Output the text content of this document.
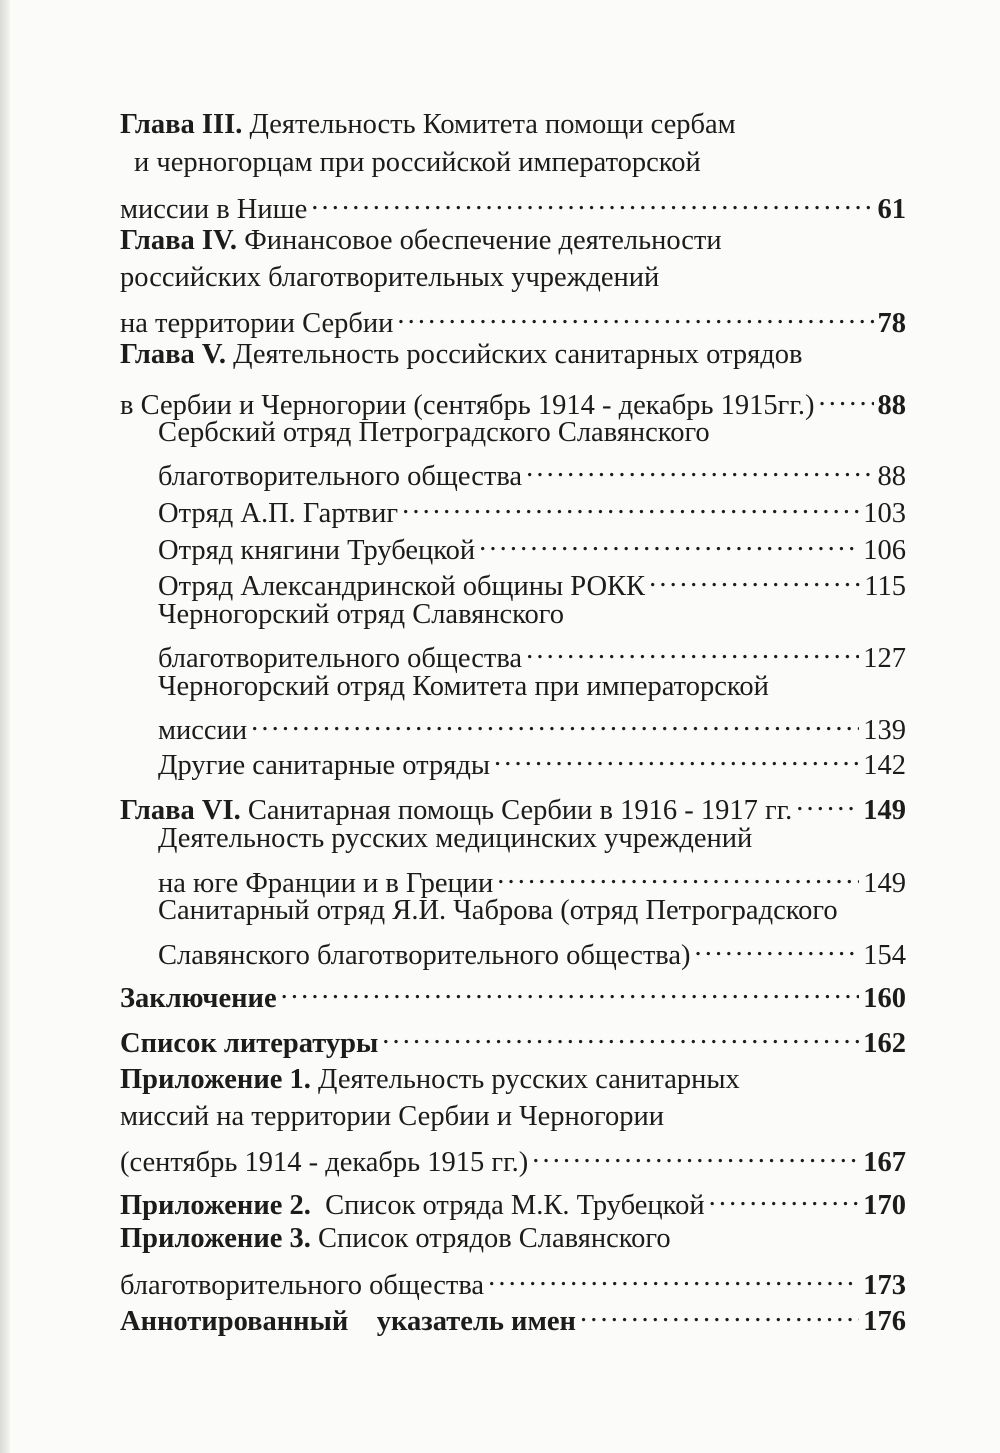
Глава III.
Деятельность Комитета помощи сербам
и черногорцам при российской императорской
миссии в Нише . . .	61
Глава IV.
Финансовое обеспечение деятельности
российских благотворительных учреждений
на территории Сербии . . .	78
Глава V.
Деятельность российских санитарных отрядов
в Сербии и Черногории (сентябрь 1914 - декабрь 1915гг.) . . . 88
Сербский отряд Петроградского Славянского
благотворительного общества . . .	88
Отряд А.П. Гартвиг . . .	103
Отряд княгини Трубецкой . . .	106
Отряд Александринской общины РОКК . . .	115
Черногорский отряд Славянского
благотворительного общества . . .	127
Черногорский отряд Комитета при императорской
миссии . . .	139
Другие санитарные отряды . . .	142
Глава VI.
Санитарная помощь Сербии в 1916 - 1917 гг. . . . 149
Деятельность русских медицинских учреждений
на юге Франции и в Греции . . .	149
Санитарный отряд Я.И. Чаброва (отряд Петроградского
Славянского благотворительного общества) . . .	154
Заключение . . .	160
Список литературы . . .	162
Приложение 1.
Деятельность русских санитарных
миссий на территории Сербии и Черногории
(сентябрь 1914 - декабрь 1915 гг.) . . .	167
Приложение 2.
Список отряда М.К. Трубецкой . . .	170
Приложение 3.
Список отрядов Славянского
благотворительного общества . . .	173
Аннотированный    указатель имен . . .	176
